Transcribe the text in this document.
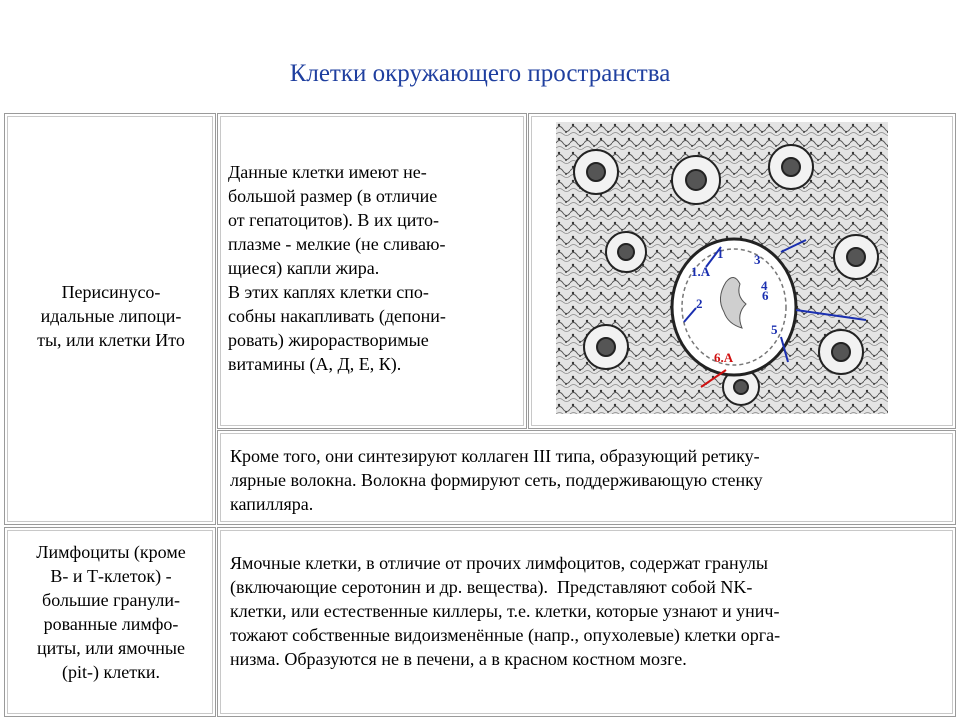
Клетки окружающего пространства
Перисинусо-
идальные липоци-
ты, или клетки Ито
Данные клетки имеют не-
большой размер (в отличие
от гепатоцитов). В их цито-
плазме - мелкие (не сливаю-
щиеся) капли жира.
В этих каплях клетки спо-
собны накапливать (депони-
ровать) жирорастворимые
витамины (А, Д, Е, К).
1.А
1
2
3
4
5
6
6.А
Кроме того, они синтезируют коллаген III типа, образующий ретику-
лярные волокна. Волокна формируют сеть, поддерживающую стенку
капилляра.
Лимфоциты (кроме
В- и Т-клеток) -
большие гранули-
рованные лимфо-
циты, или ямочные
(pit-) клетки.
Ямочные клетки, в отличие от прочих лимфоцитов, содержат гранулы
(включающие серотонин и др. вещества).  Представляют собой NK-
клетки, или естественные киллеры, т.е. клетки, которые узнают и унич-
тожают собственные видоизменённые (напр., опухолевые) клетки орга-
низма. Образуются не в печени, а в красном костном мозге.
